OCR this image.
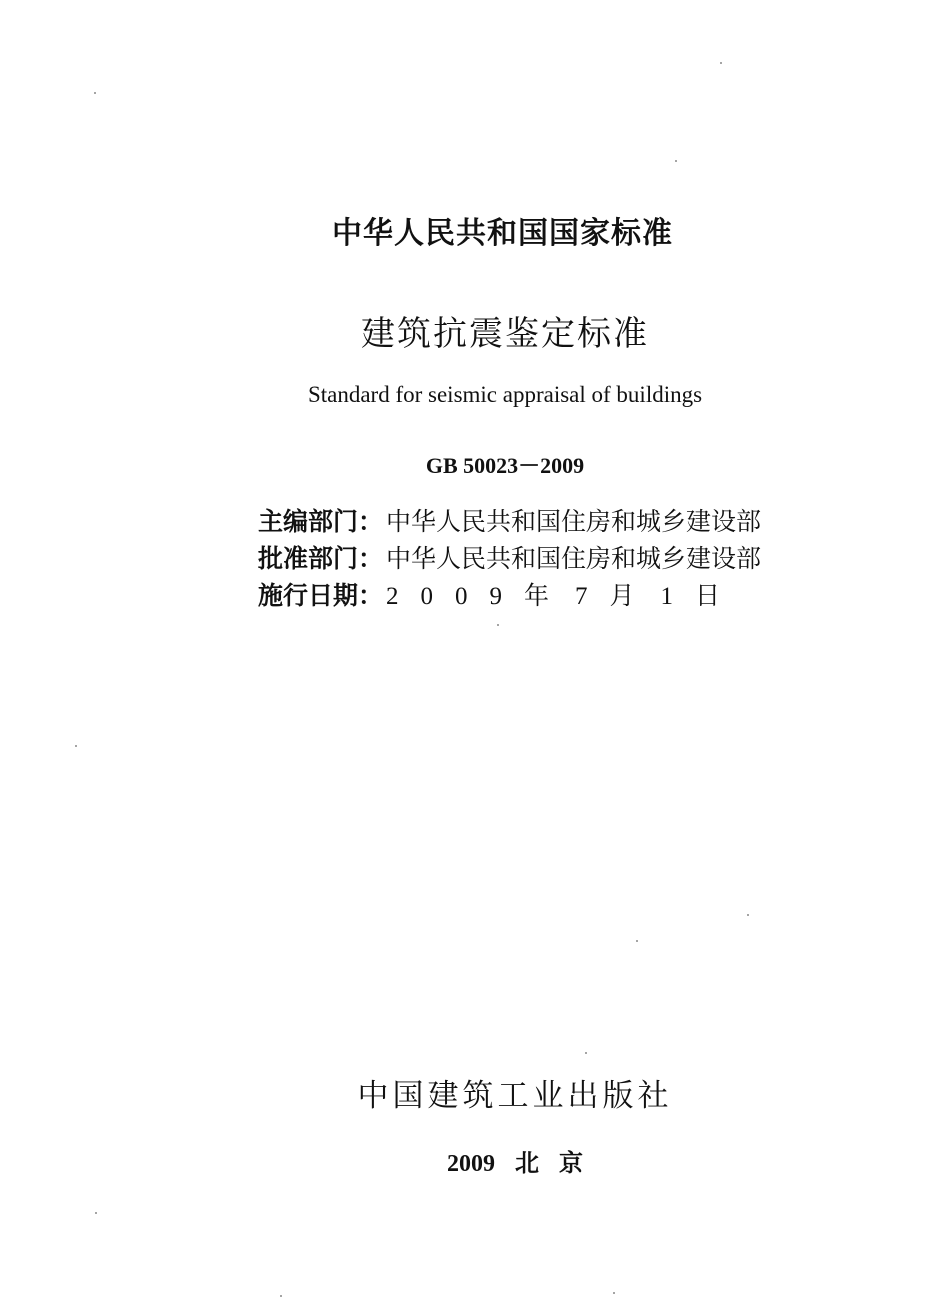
中华人民共和国国家标准
建筑抗震鉴定标准
Standard for seismic appraisal of buildings
GB 50023－2009
主编部门： 中华人民共和国住房和城乡建设部
批准部门： 中华人民共和国住房和城乡建设部
施行日期： 2 0 0 9 年 7 月 1 日
中国建筑工业出版社
2009 北 京
